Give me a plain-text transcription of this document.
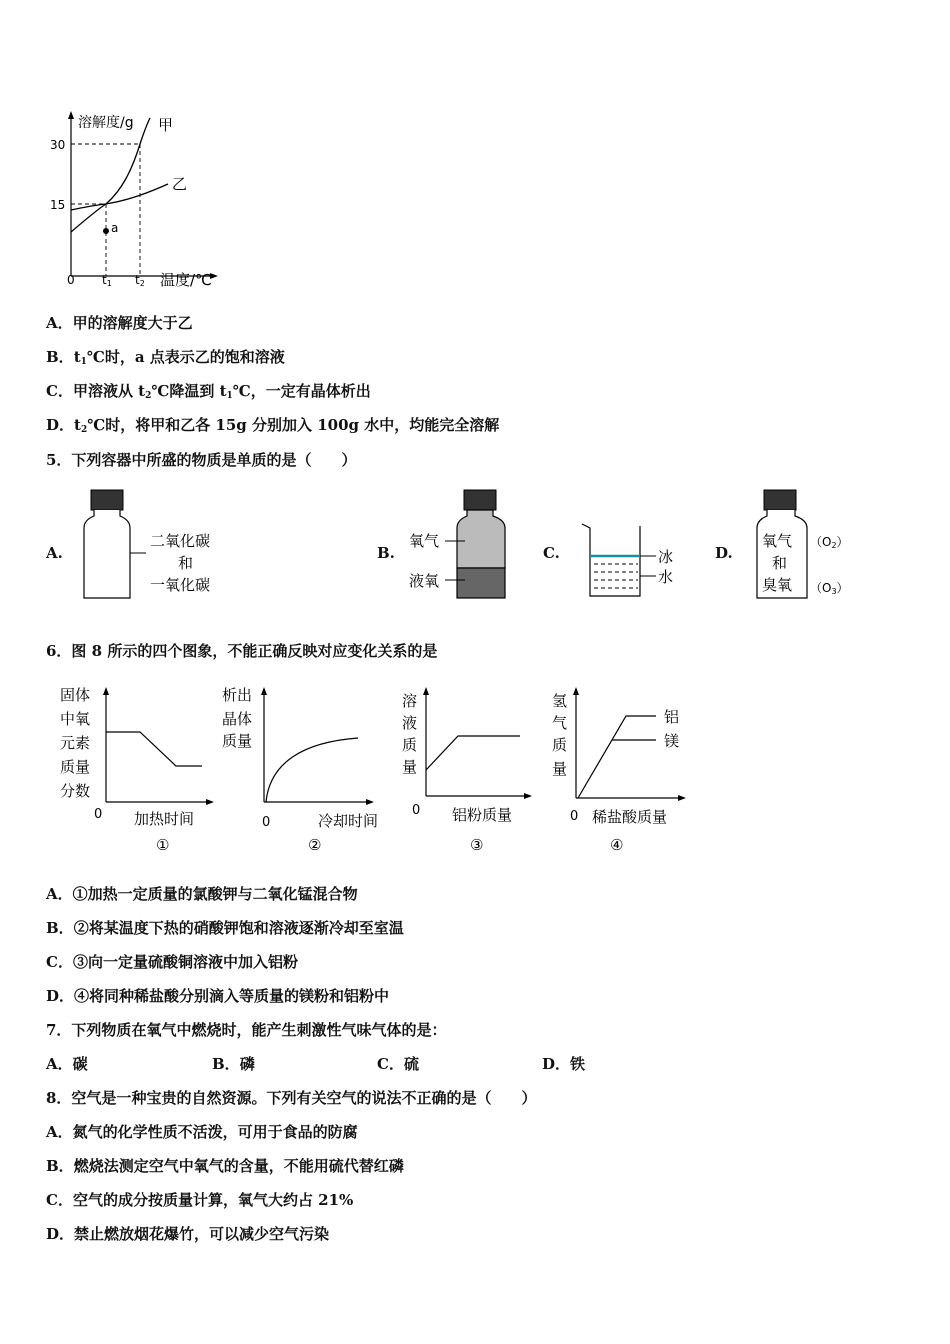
a
溶解度/g 甲
乙
30
15
0 t1 t2 温度/℃
A．甲的溶解度大于乙
B．$t_1℃$时，a 点表示乙的饱和溶液
C．甲溶液从 $t_2℃$降温到 $t_1℃$，一定有晶体析出
D．$t_2℃$时，将甲和乙各 15g 分别加入 100g 水中，均能完全溶解
5．下列容器中所盛的物质是单质的是（　　）
A.
二氧化碳
和
一氧化碳
B.
氧气
液氧
C.	冰
水
D.
氧气
和
臭氧
（O2）
（O3）
6．图 8 所示的四个图象，不能正确反映对应变化关系的是
固体
中氧
元素
质量
分数
0 加热时间
①
析出
晶体
质量
0	冷却时间
②
溶
液
质
量
0 铝粉质量
③
氢
气
质
量
铝
镁
0 稀盐酸质量
④
A．①加热一定质量的氯酸钾与二氧化锰混合物
B．②将某温度下热的硝酸钾饱和溶液逐渐冷却至室温
C．③向一定量硫酸铜溶液中加入铝粉
D．④将同种稀盐酸分别滴入等质量的镁粉和铝粉中
7．下列物质在氧气中燃烧时，能产生刺激性气味气体的是：
A．碳	B．磷	C．硫	D．铁
8．空气是一种宝贵的自然资源。下列有关空气的说法不正确的是（　　）
A．氮气的化学性质不活泼，可用于食品的防腐
B．燃烧法测定空气中氧气的含量，不能用硫代替红磷
C．空气的成分按质量计算，氧气大约占 21%
D．禁止燃放烟花爆竹，可以减少空气污染
